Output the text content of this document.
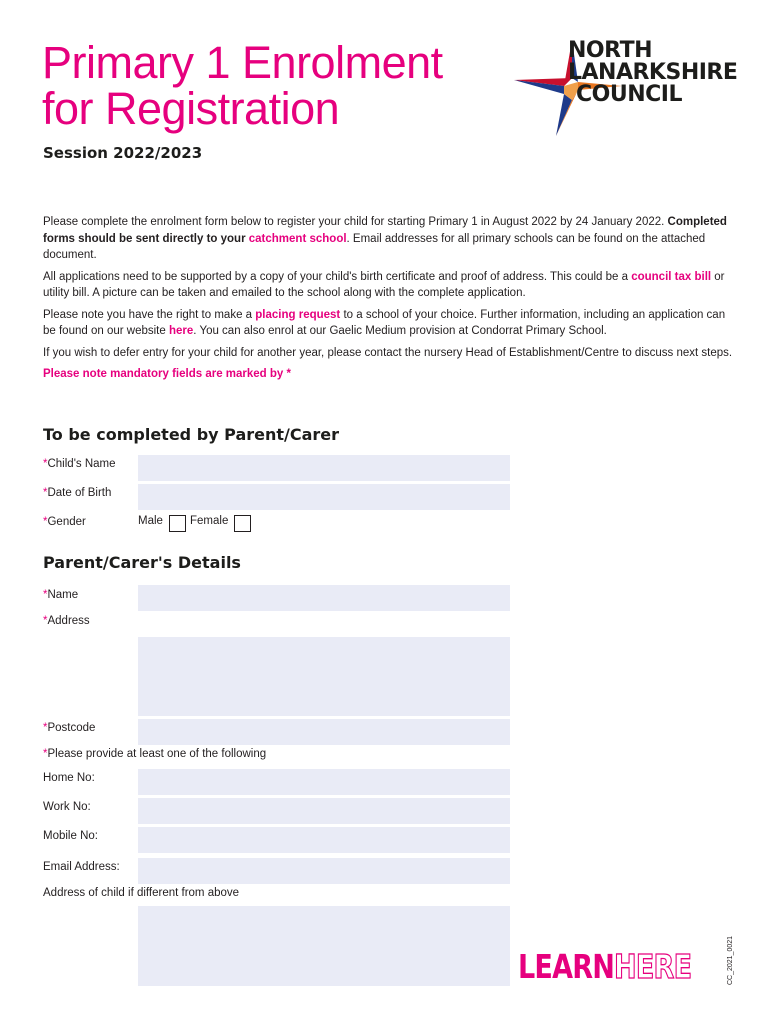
Primary 1 Enrolment
for Registration
NORTH
LANARKSHIRE
COUNCIL
Session 2022/2023

Please complete the enrolment form below to register your child for starting Primary 1 in August 2022 by 24 January 2022. Completed forms should be sent directly to your catchment school. Email addresses for all primary schools can be found on the attached document.

All applications need to be supported by a copy of your child's birth certificate and proof of address. This could be a council tax bill or utility bill. A picture can be taken and emailed to the school along with the complete application.

Please note you have the right to make a placing request to a school of your choice. Further information, including an application can be found on our website here. You can also enrol at our Gaelic Medium provision at Condorrat Primary School.

If you wish to defer entry for your child for another year, please contact the nursery Head of Establishment/Centre to discuss next steps.

Please note mandatory fields are marked by *

To be completed by Parent/Carer
*Child's Name
*Date of Birth
*Gender	Male Female
Parent/Carer's Details
*Name
*Address
*Postcode
*Please provide at least one of the following
Home No:
Work No:
Mobile No:
Email Address:
Address of child if different from above
LEARNHERE	CC_2021_0021
